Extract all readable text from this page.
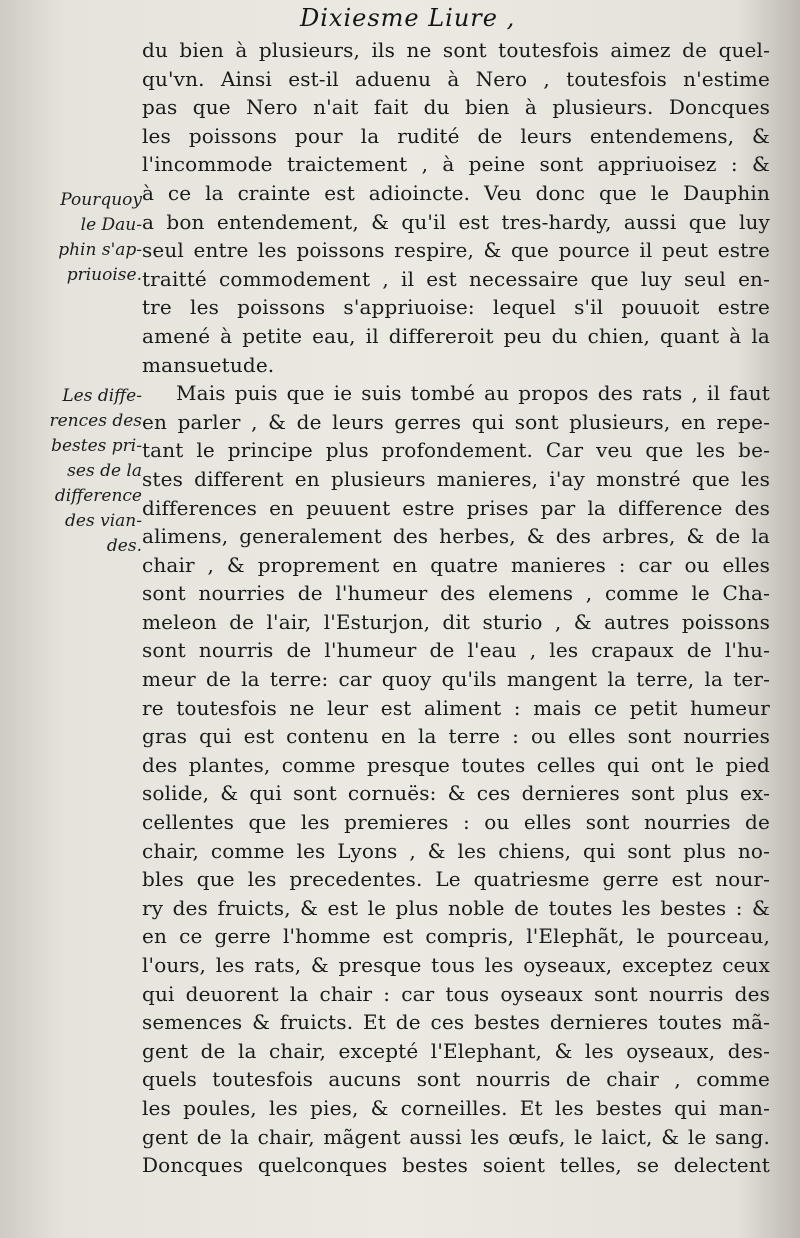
Dixiesme Liure ,
Pourquoy
le Dau-
phin s'ap-
priuoise.
Les diffe-
rences des
bestes pri-
ses de la
difference
des vian-
des.
du bien à plusieurs, ils ne sont toutesfois aimez de quel-
qu'vn. Ainsi est-il aduenu à Nero , toutesfois n'estime
pas que Nero n'ait fait du bien à plusieurs. Doncques
les poissons pour la rudité de leurs entendemens, &
l'incommode traictement , à peine sont appriuoisez : &
à ce la crainte est adioincte. Veu donc que le Dauphin
a bon entendement, & qu'il est tres-hardy, aussi que luy
seul entre les poissons respire, & que pource il peut estre
traitté commodement , il est necessaire que luy seul en-
tre les poissons s'appriuoise: lequel s'il pouuoit estre
amené à petite eau, il differeroit peu du chien, quant à la
mansuetude.
Mais puis que ie suis tombé au propos des rats , il faut
en parler , & de leurs gerres qui sont plusieurs, en repe-
tant le principe plus profondement. Car veu que les be-
stes different en plusieurs manieres, i'ay monstré que les
differences en peuuent estre prises par la difference des
alimens, generalement des herbes, & des arbres, & de la
chair , & proprement en quatre manieres : car ou elles
sont nourries de l'humeur des elemens , comme le Cha-
meleon de l'air, l'Esturjon, dit sturio , & autres poissons
sont nourris de l'humeur de l'eau , les crapaux de l'hu-
meur de la terre: car quoy qu'ils mangent la terre, la ter-
re toutesfois ne leur est aliment : mais ce petit humeur
gras qui est contenu en la terre : ou elles sont nourries
des plantes, comme presque toutes celles qui ont le pied
solide, & qui sont cornuës: & ces dernieres sont plus ex-
cellentes que les premieres : ou elles sont nourries de
chair, comme les Lyons , & les chiens, qui sont plus no-
bles que les precedentes. Le quatriesme gerre est nour-
ry des fruicts, & est le plus noble de toutes les bestes : &
en ce gerre l'homme est compris, l'Elephãt, le pourceau,
l'ours, les rats, & presque tous les oyseaux, exceptez ceux
qui deuorent la chair : car tous oyseaux sont nourris des
semences & fruicts. Et de ces bestes dernieres toutes mã-
gent de la chair, excepté l'Elephant, & les oyseaux, des-
quels toutesfois aucuns sont nourris de chair , comme
les poules, les pies, & corneilles. Et les bestes qui man-
gent de la chair, mãgent aussi les œufs, le laict, & le sang.
Doncques quelconques bestes soient telles, se delectent
